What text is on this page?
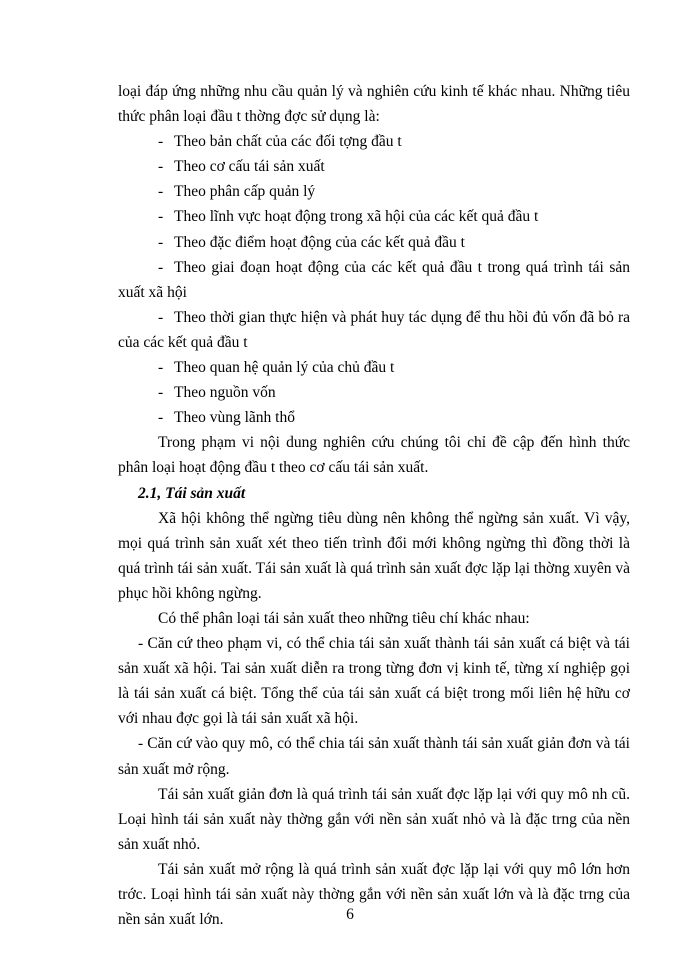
loại đáp ứng những nhu cầu quản lý và nghiên cứu kinh tế khác nhau. Những tiêu thức phân loại đầu t thờng đợc sử dụng là:

- Theo bản chất của các đối tợng đầu t

- Theo cơ cấu tái sản xuất

- Theo phân cấp quản lý

- Theo lĩnh vực hoạt động trong xã hội của các kết quả đầu t

- Theo đặc điểm hoạt động của các kết quả đầu t

- Theo giai đoạn hoạt động của các kết quả đầu t trong quá trình tái sản xuất xã hội

- Theo thời gian thực hiện và phát huy tác dụng để thu hồi đủ vốn đã bỏ ra của các kết quả đầu t

- Theo quan hệ quản lý của chủ đầu t

- Theo nguồn vốn

- Theo vùng lãnh thổ

Trong phạm vi nội dung nghiên cứu chúng tôi chỉ đề cập đến hình thức phân loại hoạt động đầu t theo cơ cấu tái sản xuất.

2.1, Tái sản xuất

Xã hội không thể ngừng tiêu dùng nên không thể ngừng sản xuất. Vì vậy, mọi quá trình sản xuất xét theo tiến trình đổi mới không ngừng thì đồng thời là quá trình tái sản xuất. Tái sản xuất là quá trình sản xuất đợc lặp lại thờng xuyên và phục hồi không ngừng.

Có thể phân loại tái sản xuất theo những tiêu chí khác nhau:

- Căn cứ theo phạm vi, có thể chia tái sản xuất thành tái sản xuất cá biệt và tái sản xuất xã hội. Tai sản xuất diễn ra trong từng đơn vị kinh tế, từng xí nghiệp gọi là tái sản xuất cá biệt. Tổng thể của tái sản xuất cá biệt trong mối liên hệ hữu cơ với nhau đợc gọi là tái sản xuất xã hội.

- Căn cứ vào quy mô, có thể chia tái sản xuất thành tái sản xuất giản đơn và tái sản xuất mở rộng.

Tái sản xuất giản đơn là quá trình tái sản xuất đợc lặp lại với quy mô nh cũ. Loại hình tái sản xuất này thờng gắn với nền sản xuất nhỏ và là đặc trng của nền sản xuất nhỏ.

Tái sản xuất mở rộng là quá trình sản xuất đợc lặp lại với quy mô lớn hơn trớc. Loại hình tái sản xuất này thờng gắn với nền sản xuất lớn và là đặc trng của nền sản xuất lớn.	6
